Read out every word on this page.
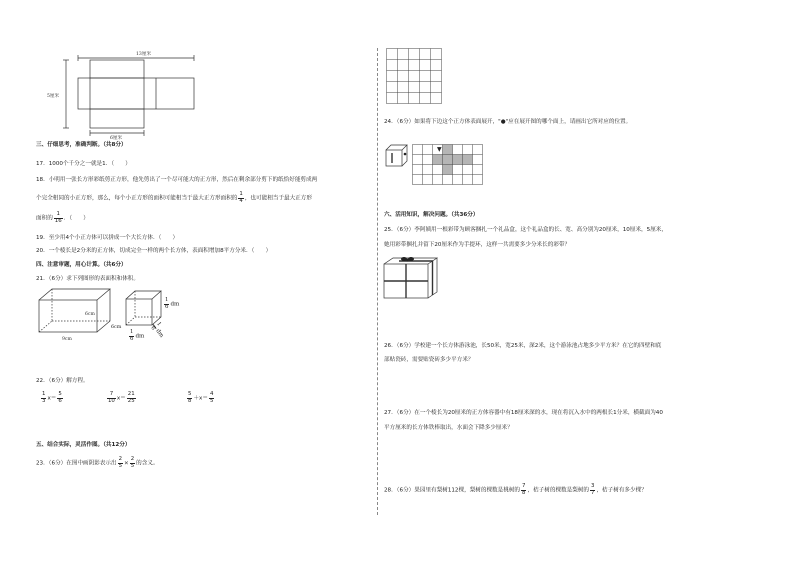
13厘米
5厘米
6厘米
三、仔细思考，准确判断。（共8分）
17．1000个千分之一就是1．（　　）
18．小明用一张长方形彩纸剪正方形，他先剪出了一个尽可能大的正方形，然后在剩余部分剪下的纸恰好能剪成两
个完全相同的小正方形，那么，每个小正方形的面积可能相当于最大正方形面积的 $\frac{1}{4}$ ，也可能相当于最大正方形
面积的 $\frac{1}{16}$ ．（　　）
19．至少用4个小正方体可以拼成一个大长方体．（　　）
20．一个棱长是2分米的正方体，切成完全一样的两个长方体，表面积增加8平方分米．（　　）
四、注意审题，用心计算。（共6分）
21．（6分）求下列图形的表面积和体积。
6cm
9cm
6cm
$\frac{1}{6}$ dm
$\frac{1}{6}$ dm
1
6
dm
22．（6分）解方程。
$\frac{1}{3} x= \frac{5}{6}$	$\frac{7}{10} x= \frac{21}{25}$	$\frac{5}{8} +x= \frac{4}{5}$
五、结合实际，灵活作图。（共12分）
23．（6分）在图中画阴影表示出 $\frac{2}{5} \times \frac{2}{5}$ 的含义。
24．（6分）如果将下边这个正方体表面展开，"●"应在展开图的哪个面上，请画出它所对应的位置。
▼
六、活用知识，解决问题。（共36分）
25．（6分）李阿姨用一根彩带为顾客捆扎一个礼品盒，这个礼品盒的长、宽、高分别为20厘米，10厘米，5厘米，
她用彩带捆扎并留下20厘米作为手提环，这样一共需要多少分米长的彩带？
26．（6分）学校建一个长方体游泳池，长50米，宽25米，深2米，这个游泳池占地多少平方米？在它的四壁和底
部贴瓷砖，需要贴瓷砖多少平方米？
27．（6分）在一个棱长为20厘米的正方体容器中有18厘米深的水，现在将沉入水中的两根长1分米，横截面为40
平方厘米的长方体铁棒取出，水面会下降多少厘米？
28．（6分）果园里有梨树112棵，梨树的棵数是桃树的 $\frac{7}{8}$ ，桔子树的棵数是梨树的 $\frac{3}{7}$ ，桔子树有多少棵？
